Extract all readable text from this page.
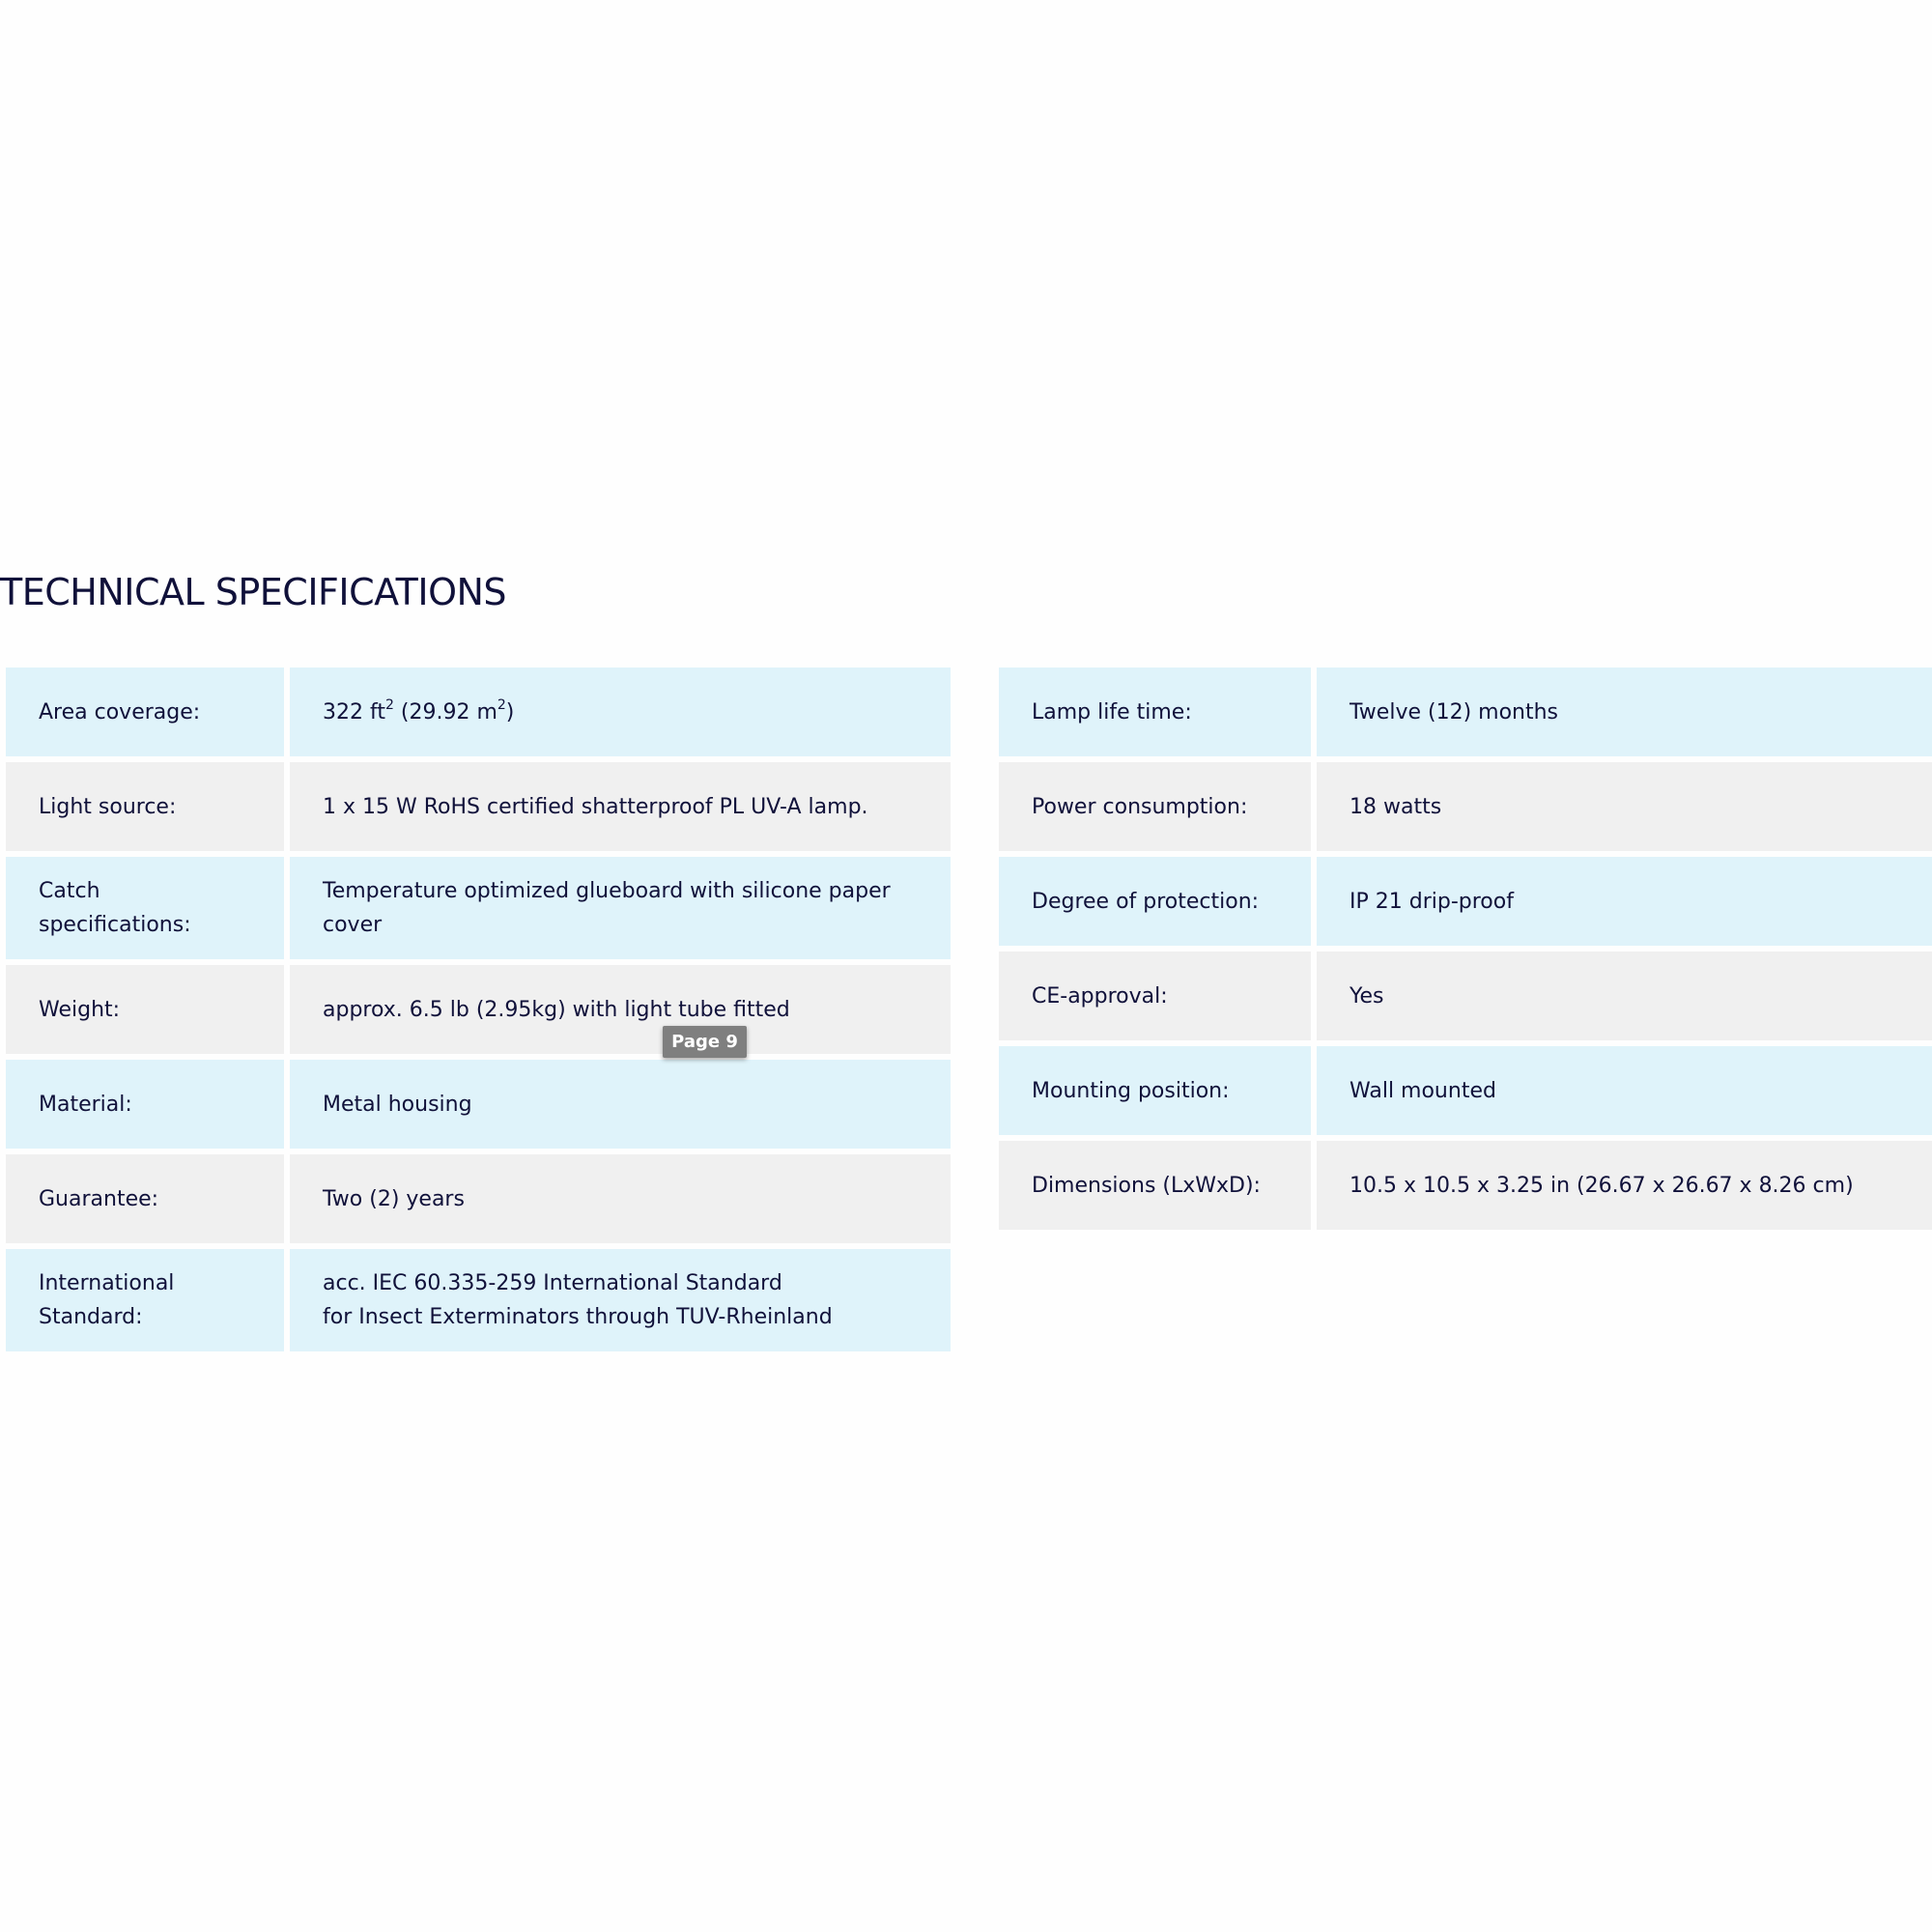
TECHNICAL SPECIFICATIONS
Area coverage:	322 $ft^2$ (29.92 $m^2$)
Light source:	1 x 15 W RoHS certified shatterproof PL UV-A lamp.
Catch specifications:	Temperature optimized glueboard with silicone paper cover
Weight:	approx. 6.5 lb (2.95kg) with light tube fitted
Material:	Metal housing
Guarantee:	Two (2) years
International
Standard:	acc. IEC 60.335-259 International Standard
for Insect Exterminators through TUV-Rheinland
Lamp life time:	Twelve (12) months
Power consumption:	18 watts
Degree of protection:	IP 21 drip-proof
CE-approval:	Yes
Mounting position:	Wall mounted
Dimensions (LxWxD):	10.5 x 10.5 x 3.25 in (26.67 x 26.67 x 8.26 cm)
Page 9
